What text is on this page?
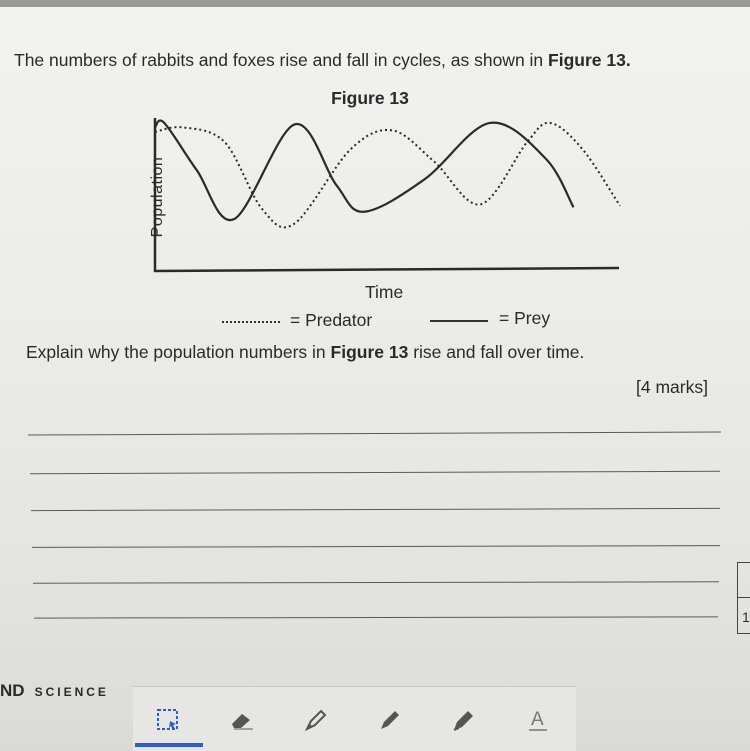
The numbers of rabbits and foxes rise and fall in cycles, as shown in Figure 13.
Figure 13
Population
Time
= Predator	= Prey
Explain why the population numbers in Figure 13 rise and fall over time.
[4 marks]
1
ND SCIENCE
A
